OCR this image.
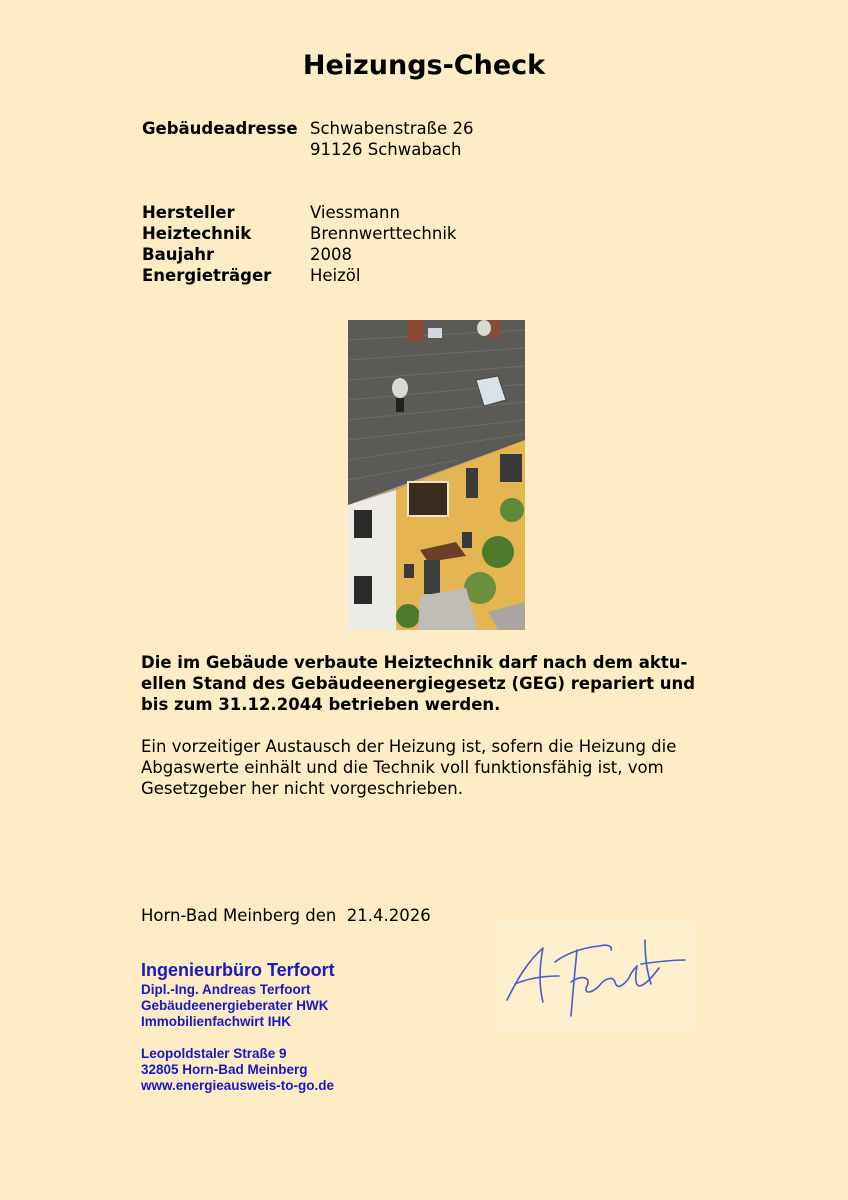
Heizungs-Check
Gebäudeadresse Schwabenstraße 26
91126 Schwabach
Hersteller	Viessmann
Heiztechnik	Brennwerttechnik
Baujahr	2008
Energieträger	Heizöl
Die im Gebäude verbaute Heiztechnik darf nach dem aktu-
ellen Stand des Gebäudeenergiegesetz (GEG) repariert und
bis zum 31.12.2044 betrieben werden.
Ein vorzeitiger Austausch der Heizung ist, sofern die Heizung die
Abgaswerte einhält und die Technik voll funktionsfähig ist, vom
Gesetzgeber her nicht vorgeschrieben.
Horn-Bad Meinberg den  21.4.2026
Ingenieurbüro Terfoort
Dipl.-Ing. Andreas Terfoort
Gebäudeenergieberater HWK
Immobilienfachwirt IHK
Leopoldstaler Straße 9
32805 Horn-Bad Meinberg
www.energieausweis-to-go.de
